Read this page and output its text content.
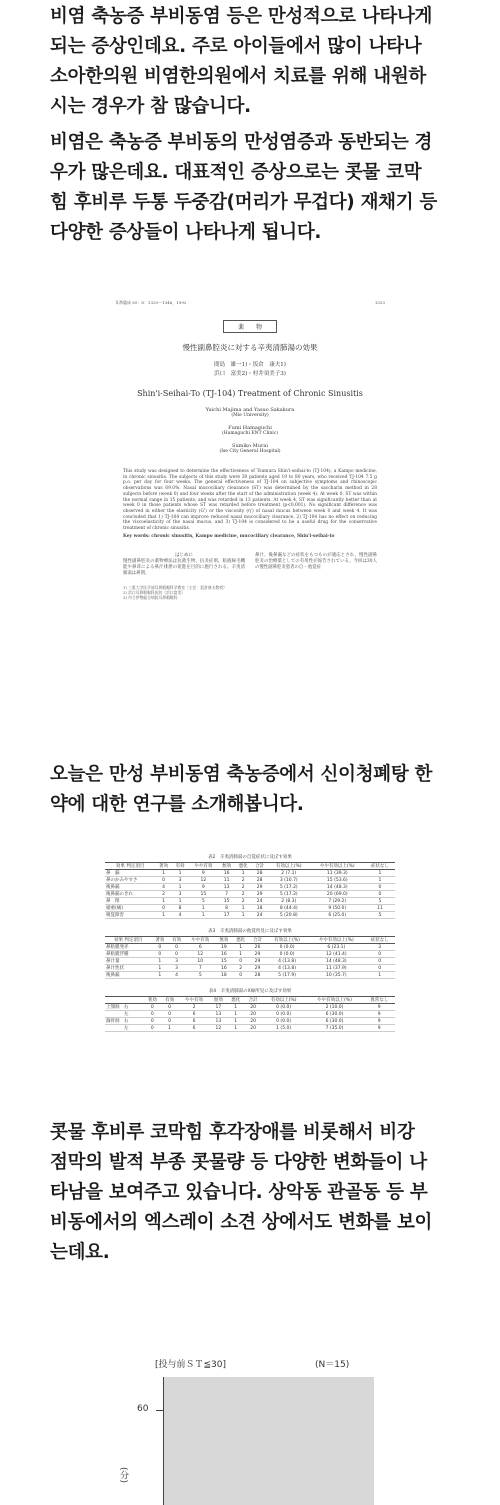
비염 축농증 부비동염 등은 만성적으로 나타나게
되는 증상인데요. 주로 아이들에서 많이 나타나
소아한의원 비염한의원에서 치료를 위해 내원하
시는 경우가 참 많습니다.
비염은 축농증 부비동의 만성염증과 동반되는 경
우가 많은데요. 대표적인 증상으로는 콧물 코막
힘 후비루 두통 두중감(머리가 무겁다) 재채기 등
다양한 증상들이 나타나게 됩니다.
耳鼻臨床 85：8：1333～1346，1992	1333
薬　　物
慢性副鼻腔炎に対する辛夷清肺湯の効果
間島　雄一1)・坂倉　康夫1)
浜口　富美2)・村井須美子3)
Shin'i-Seihai-To (TJ-104) Treatment of Chronic Sinusitis
Yuichi Majima and Yasuo Sakakura
(Mie University)
Fumi Hamaguchi
(Hamaguchi ENT Clinic)
Sumiko Murai
(Ise City General Hospital)
This study was designed to determine the effectiveness of Tsumura Shin'i-seihai-to (TJ-104), a Kampo medicine, in chronic sinusitis. The subjects of this study were 30 patients aged 19 to 80 years, who received TJ-104 7.5 g p.o. per day for four weeks. The general effectiveness of TJ-104 on subjective symptoms and rhinoscopic observations was 69.0%. Nasal mucociliary clearance (ST) was determined by the saccharin method in 28 subjects before (week 0) and four weeks after the start of the administration (week 4). At week 0, ST was within the normal range in 15 patients, and was retarded in 13 patients. At week 4, ST was significantly better than at week 0 in those patients whose ST was retarded before treatment (p<0.001). No significant difference was observed in either the elasticity (G') or the viscosity (η') of nasal mucus between week 0 and week 4. It was concluded that 1) TJ-104 can improve reduced nasal mucociliary clearance, 2) TJ-104 has no effect on reducing the viscoelasticity of the nasal mucus, and 3) TJ-104 is considered to be a useful drug for the conservative treatment of chronic sinusitis.
Key words: chronic sinusitis, Kampo medicine, mucociliary clearance, Shin'i-seihai-to
はじめに
慢性副鼻腔炎の薬物療法は抗菌生物、抗炎症剤、粘液線毛機能や鼻茸による鼻汁排泄の促進を目的に施行される。辛夷清肺湯は鼻閉、
鼻汁、後鼻漏などの症状をもつものが適応とされ、慢性副鼻腔炎の治療薬としての有用性が報告されている。今回は30人の慢性副鼻腔炎患者の自・他覚症
1) 三重大学医学部耳鼻咽喉科学教室（主任：坂倉康夫教授）
2) 浜口耳鼻咽喉科医院（浜口富美）
3) 市立伊勢総合病院耳鼻咽喉科
오늘은 만성 부비동염 축농증에서 신이청폐탕 한
약에 대한 연구를 소개해봅니다.
表2　辛夷清肺湯の自覚症状に及ぼす効果
効果 判定項目	著効	有効	やや有効	無効	悪化	合計	有効以上(%)	やや有効以上(%)	症状なし
鼻　漏	1	1	9	16	1	28	2 (7.1)	11 (39.3)	1
鼻のかみやすさ	0	3	12	11	2	28	3 (10.7)	15 (53.6)	1
後鼻漏	4	1	9	13	2	29	5 (17.2)	14 (48.3)	0
後鼻漏のきれ	2	3	15	7	2	29	5 (17.2)	20 (69.0)	0
鼻　閉	1	1	5	15	2	24	2 (8.3)	7 (29.2)	5
頭重(痛)	0	8	1	8	1	18	8 (44.4)	9 (50.0)	11
嗅覚障害	1	4	1	17	1	24	5 (20.8)	6 (25.0)	5
表3　辛夷清肺湯の他覚所見に及ぼす効果
効果 判定項目	著効	有効	やや有効	無効	悪化	合計	有効以上(%)	やや有効以上(%)	症状なし
鼻粘膜発赤	0	0	6	19	1	26	0 (0.0)	6 (23.1)	3
鼻粘膜浮腫	0	0	12	16	1	29	0 (0.0)	12 (41.4)	0
鼻汁量	1	3	10	15	0	29	4 (13.8)	14 (48.3)	0
鼻汁性状	1	3	7	16	2	29	4 (13.8)	11 (37.9)	0
後鼻漏	1	4	5	18	0	28	5 (17.9)	10 (35.7)	1
表4　辛夷清肺湯のX線所見に及ぼす効果
	著効	有効	やや有効	無効	悪化	合計	有効以上(%)	やや有効以上(%)	異常なし
上顎洞　右	0	0	2	17	1	20	0 (0.0)	2 (10.0)	9
　　　　左	0	0	6	13	1	20	0 (0.0)	6 (30.0)	9
篩骨洞　右	0	0	6	13	1	20	0 (0.0)	6 (30.0)	9
　　　　左	0	1	6	12	1	20	1 (5.0)	7 (35.0)	9
콧물 후비루 코막힘 후각장애를 비롯해서 비강
점막의 발적 부종 콧물량 등 다양한 변화들이 나
타남을 보여주고 있습니다. 상악동 관골동 등 부
비동에서의 엑스레이 소견 상에서도 변화를 보이
는데요.
[投与前ＳＴ≦30]	(N＝15)
60
(分)
